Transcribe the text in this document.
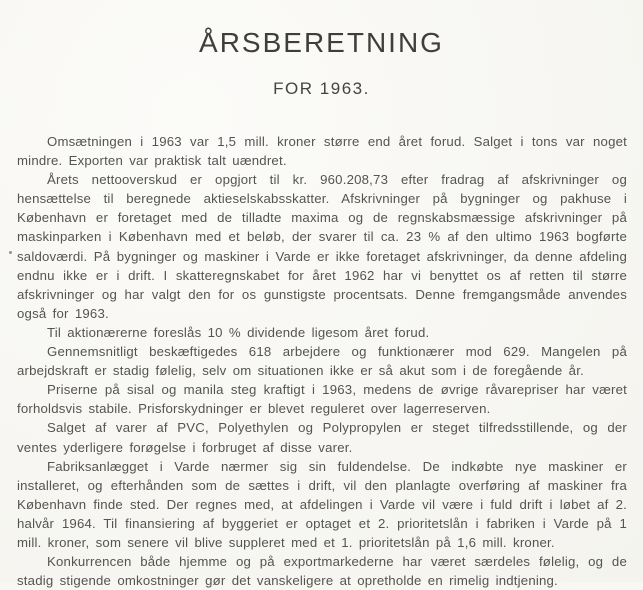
ÅRSBERETNING
FOR 1963.

Omsætningen i 1963 var 1,5 mill. kroner større end året forud. Salget i tons var noget mindre. Exporten var praktisk talt uændret.

Årets nettooverskud er opgjort til kr. 960.208,73 efter fradrag af afskrivninger og hensættelse til beregnede aktieselskabsskatter. Afskrivninger på bygninger og pakhuse i København er foretaget med de tilladte maxima og de regnskabsmæssige afskrivninger på maskinparken i København med et beløb, der svarer til ca. 23 % af den ultimo 1963 bogførte saldoværdi. På bygninger og maskiner i Varde er ikke foretaget afskrivninger, da denne afdeling endnu ikke er i drift. I skatteregnskabet for året 1962 har vi benyttet os af retten til større afskrivninger og har valgt den for os gunstigste procentsats. Denne fremgangsmåde anvendes også for 1963.

Til aktionærerne foreslås 10 % dividende ligesom året forud.

Gennemsnitligt beskæftigedes 618 arbejdere og funktionærer mod 629. Mangelen på arbejdskraft er stadig følelig, selv om situationen ikke er så akut som i de foregående år.

Priserne på sisal og manila steg kraftigt i 1963, medens de øvrige råvarepriser har været forholdsvis stabile. Prisforskydninger er blevet reguleret over lagerreserven.

Salget af varer af PVC, Polyethylen og Polypropylen er steget tilfredsstillende, og der ventes yderligere forøgelse i forbruget af disse varer.

Fabriksanlægget i Varde nærmer sig sin fuldendelse. De indkøbte nye maskiner er installeret, og efterhånden som de sættes i drift, vil den planlagte overføring af maskiner fra København finde sted. Der regnes med, at afdelingen i Varde vil være i fuld drift i løbet af 2. halvår 1964. Til finansiering af byggeriet er optaget et 2. prioritetslån i fabriken i Varde på 1 mill. kroner, som senere vil blive suppleret med et 1. prioritetslån på 1,6 mill. kroner.

Konkurrencen både hjemme og på exportmarkederne har været særdeles følelig, og de stadig stigende omkostninger gør det vanskeligere at opretholde en rimelig indtjening.
